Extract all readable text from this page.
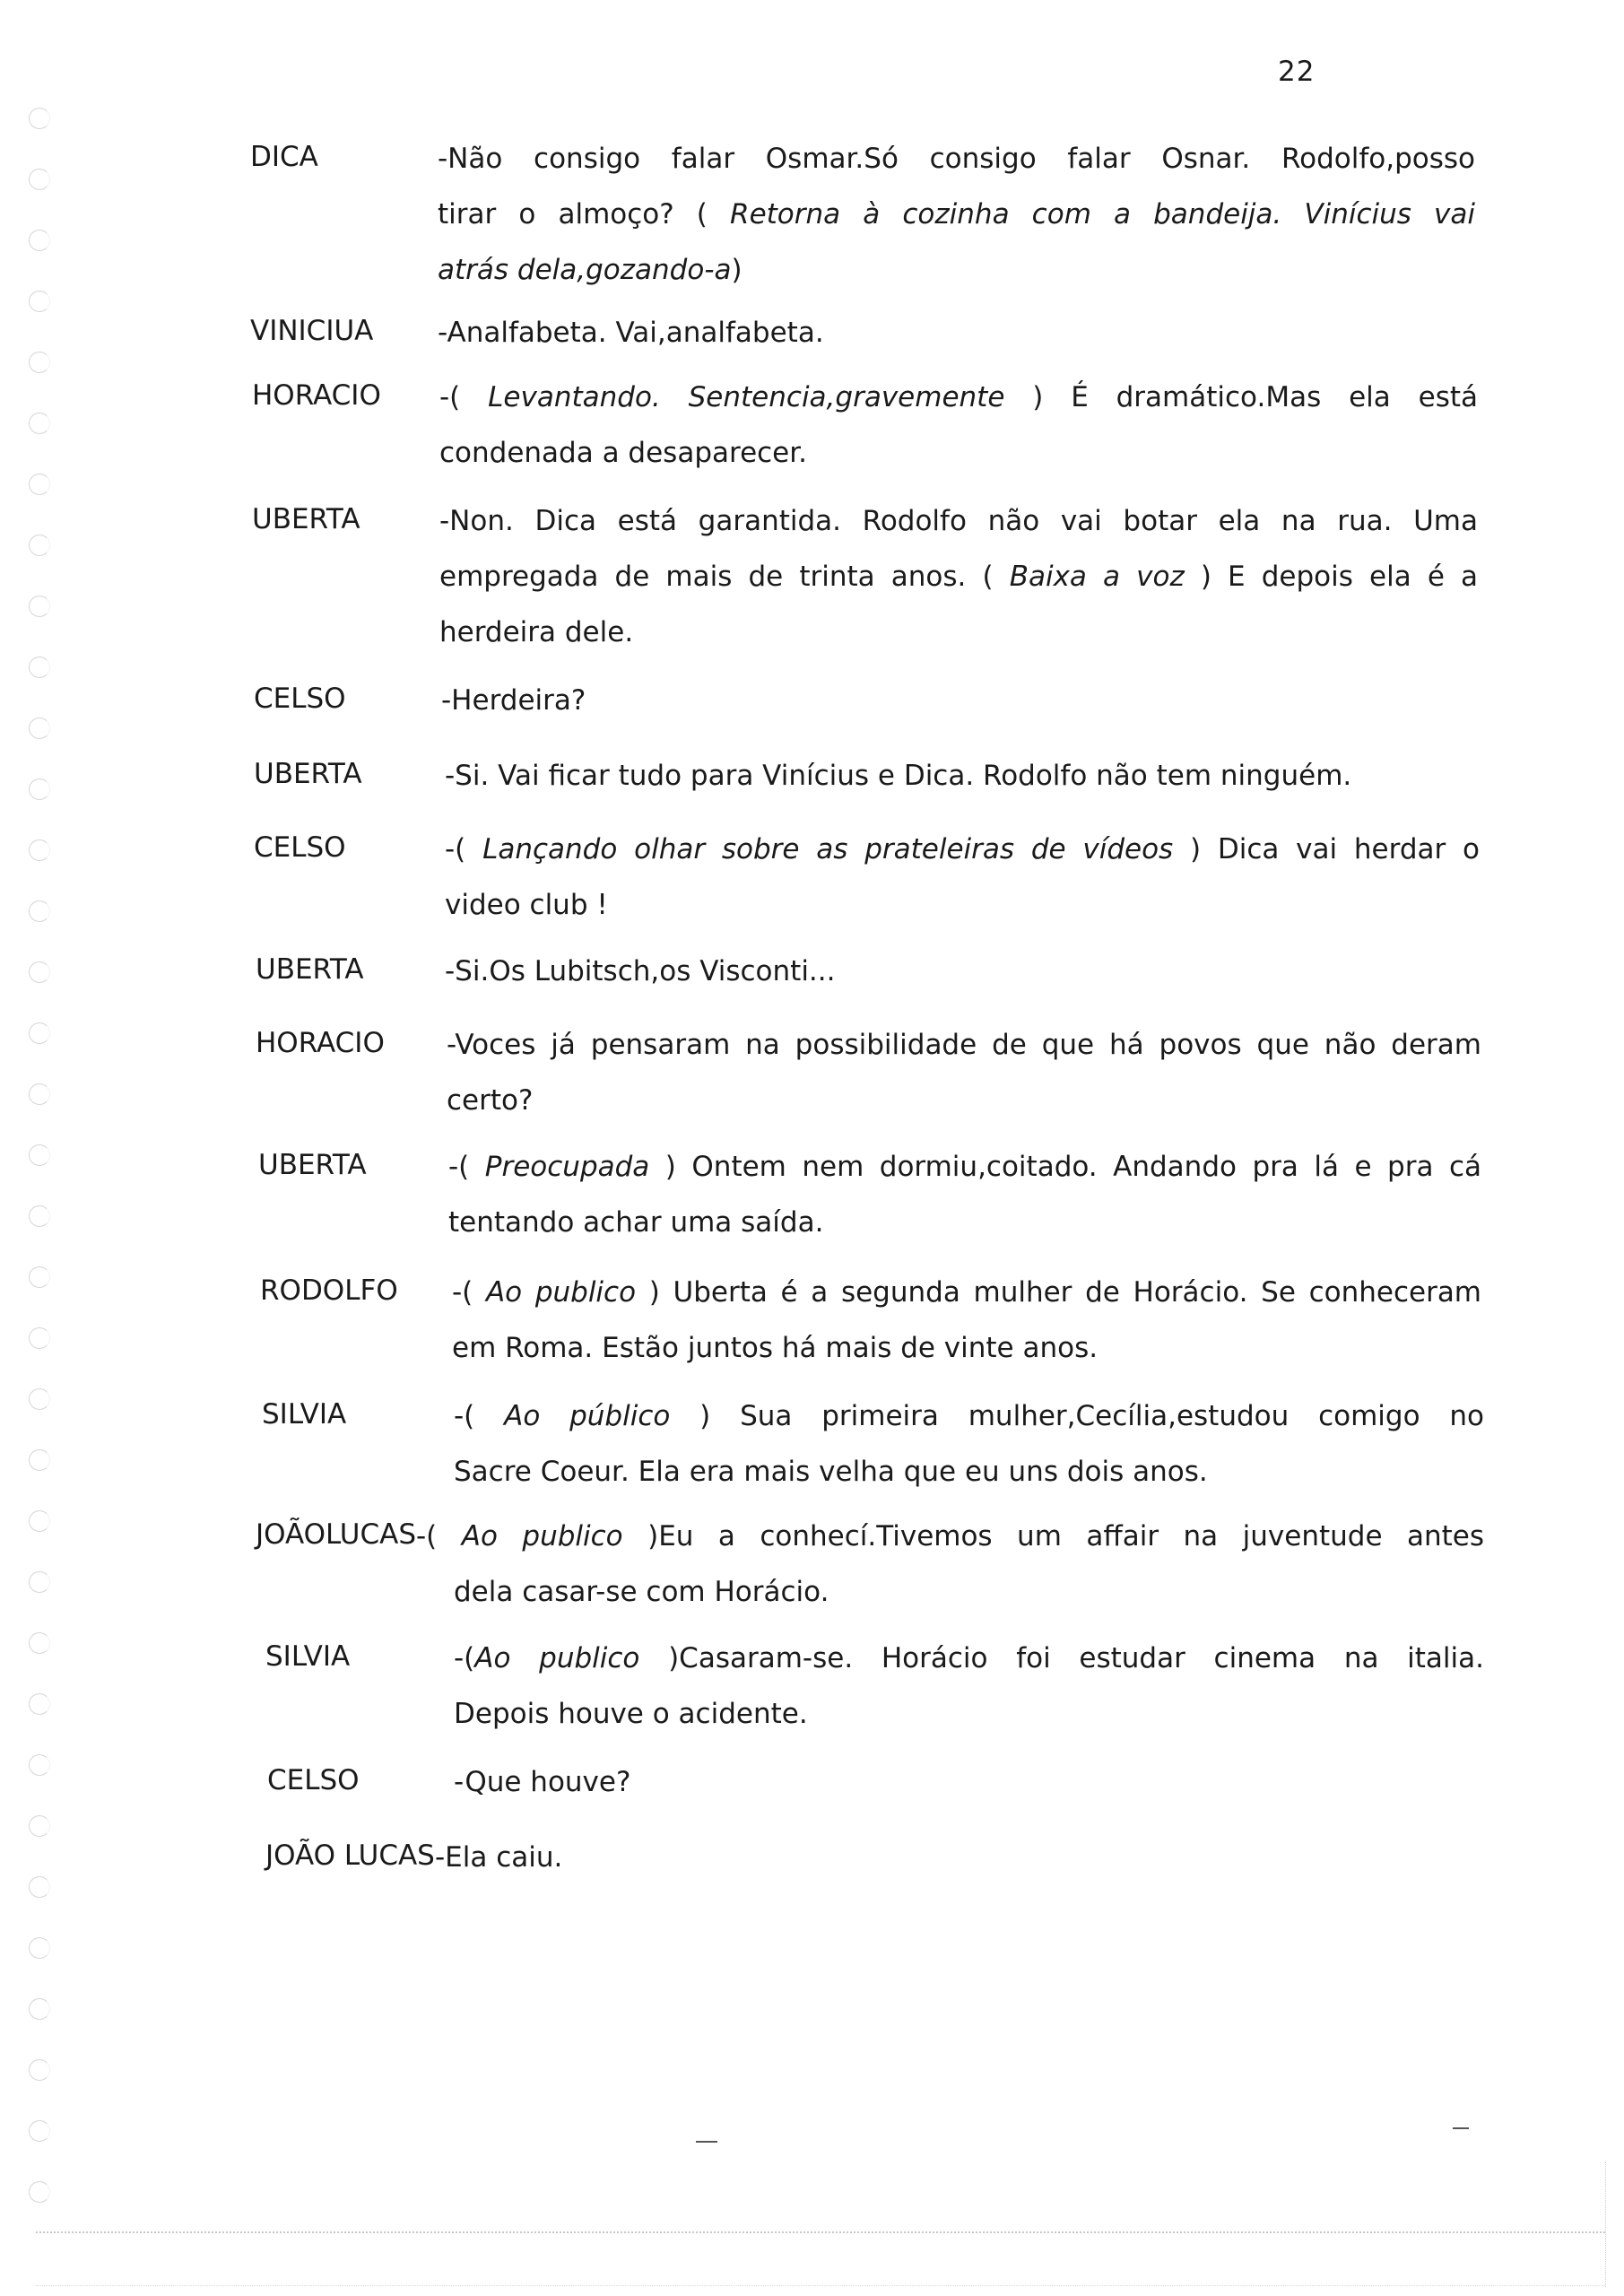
22
DICA	-Não consigo falar Osmar.Só consigo falar Osnar. Rodolfo,posso
tirar o almoço? ( Retorna à cozinha com a bandeija. Vinícius vai
atrás dela,gozando-a)
VINICIUA -Analfabeta. Vai,analfabeta.
HORACIO -( Levantando. Sentencia,gravemente ) É dramático.Mas ela está
condenada a desaparecer.
UBERTA	-Non. Dica está garantida. Rodolfo não vai botar ela na rua. Uma
empregada de mais de trinta anos. ( Baixa a voz ) E depois ela é a
herdeira dele.
CELSO	-Herdeira?
UBERTA	-Si. Vai ficar tudo para Vinícius e Dica. Rodolfo não tem ninguém.
CELSO	-( Lançando olhar sobre as prateleiras de vídeos ) Dica vai herdar o
video club !
UBERTA	-Si.Os Lubitsch,os Visconti...
HORACIO -Voces já pensaram na possibilidade de que há povos que não deram
certo?
UBERTA	-( Preocupada ) Ontem nem dormiu,coitado. Andando pra lá e pra cá
tentando achar uma saída.
RODOLFO -( Ao publico ) Uberta é a segunda mulher de Horácio. Se conheceram
em Roma. Estão juntos há mais de vinte anos.
SILVIA	-( Ao público ) Sua primeira mulher,Cecília,estudou comigo no
Sacre Coeur. Ela era mais velha que eu uns dois anos.
JOÃOLUCAS -( Ao publico )Eu a conhecí.Tivemos um affair na juventude antes
dela casar-se com Horácio.
SILVIA	-(Ao publico )Casaram-se. Horácio foi estudar cinema na italia.
Depois houve o acidente.
CELSO	-Que houve?
JOÃO LUCAS -Ela caiu.
